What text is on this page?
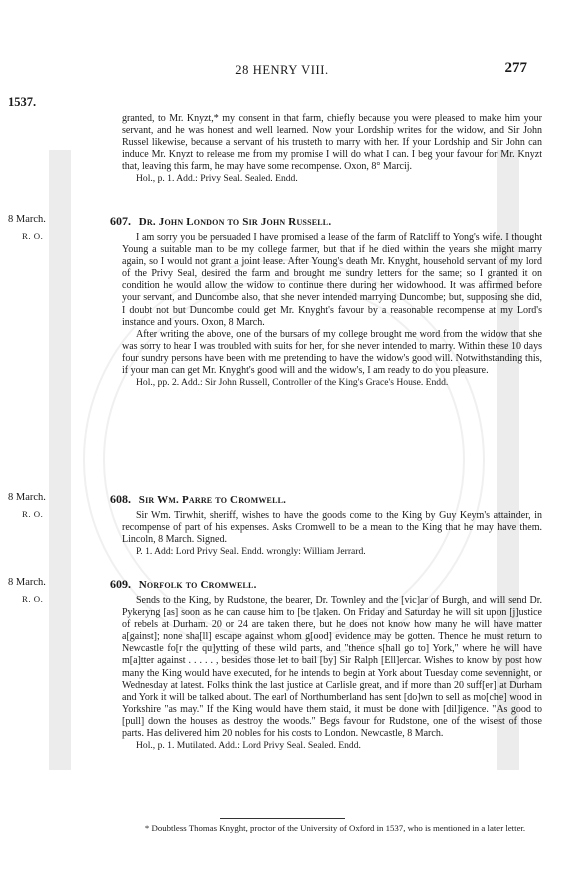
28 HENRY VIII.	277
1537.

granted, to Mr. Knyzt,* my consent in that farm, chiefly because you were pleased to make him your servant, and he was honest and well learned. Now your Lordship writes for the widow, and Sir John Russel likewise, because a servant of his trusteth to marry with her. If your Lordship and Sir John can induce Mr. Knyzt to release me from my promise I will do what I can. I beg your favour for Mr. Knyzt that, leaving this farm, he may have some recompense. Oxon, 8° Marcij.

Hol., p. 1. Add.: Privy Seal. Sealed. Endd.

8 March.
R. O.
607. Dr. John London to Sir John Russell.

I am sorry you be persuaded I have promised a lease of the farm of Ratcliff to Yong's wife. I thought Young a suitable man to be my college farmer, but that if he died within the years she might marry again, so I would not grant a joint lease. After Young's death Mr. Knyght, household servant of my lord of the Privy Seal, desired the farm and brought me sundry letters for the same; so I granted it on condition he would allow the widow to continue there during her widowhood. It was affirmed before your servant, and Duncombe also, that she never intended marrying Duncombe; but, supposing she did, I doubt not but Duncombe could get Mr. Knyght's favour by a reasonable recompense at my Lord's instance and yours. Oxon, 8 March.

After writing the above, one of the bursars of my college brought me word from the widow that she was sorry to hear I was troubled with suits for her, for she never intended to marry. Within these 10 days four sundry persons have been with me pretending to have the widow's good will. Notwithstanding this, if your man can get Mr. Knyght's good will and the widow's, I am ready to do you pleasure.

Hol., pp. 2. Add.: Sir John Russell, Controller of the King's Grace's House. Endd.

8 March.
R. O.
608. Sir Wm. Parre to Cromwell.

Sir Wm. Tirwhit, sheriff, wishes to have the goods come to the King by Guy Keym's attainder, in recompense of part of his expenses. Asks Cromwell to be a mean to the King that he may have them. Lincoln, 8 March. Signed.

P. 1. Add: Lord Privy Seal. Endd. wrongly: William Jerrard.

8 March.
R. O.
609. Norfolk to Cromwell.

Sends to the King, by Rudstone, the bearer, Dr. Townley and the [vic]ar of Burgh, and will send Dr. Pykeryng [as] soon as he can cause him to [be t]aken. On Friday and Saturday he will sit upon [j]ustice of rebels at Durham. 20 or 24 are taken there, but he does not know how many he will have matter a[gainst]; none sha[ll] escape against whom g[ood] evidence may be gotten. Thence he must return to Newcastle fo[r the qu]ytting of these wild parts, and "thence s[hall go to] York," where he will have m[a]tter against . . . . . , besides those let to bail [by] Sir Ralph [Ell]ercar. Wishes to know by post how many the King would have executed, for he intends to begin at York about Tuesday come sevennight, or Wednesday at latest. Folks think the last justice at Carlisle great, and if more than 20 suff[er] at Durham and York it will be talked about. The earl of Northumberland has sent [do]wn to sell as mo[che] wood in Yorkshire "as may." If the King would have them staid, it must be done with [dil]igence. "As good to [pull] down the houses as destroy the woods." Begs favour for Rudstone, one of the wisest of those parts. Has delivered him 20 nobles for his costs to London. Newcastle, 8 March.

Hol., p. 1. Mutilated. Add.: Lord Privy Seal. Sealed. Endd.

* Doubtless Thomas Knyght, proctor of the University of Oxford in 1537, who is mentioned in a later letter.
